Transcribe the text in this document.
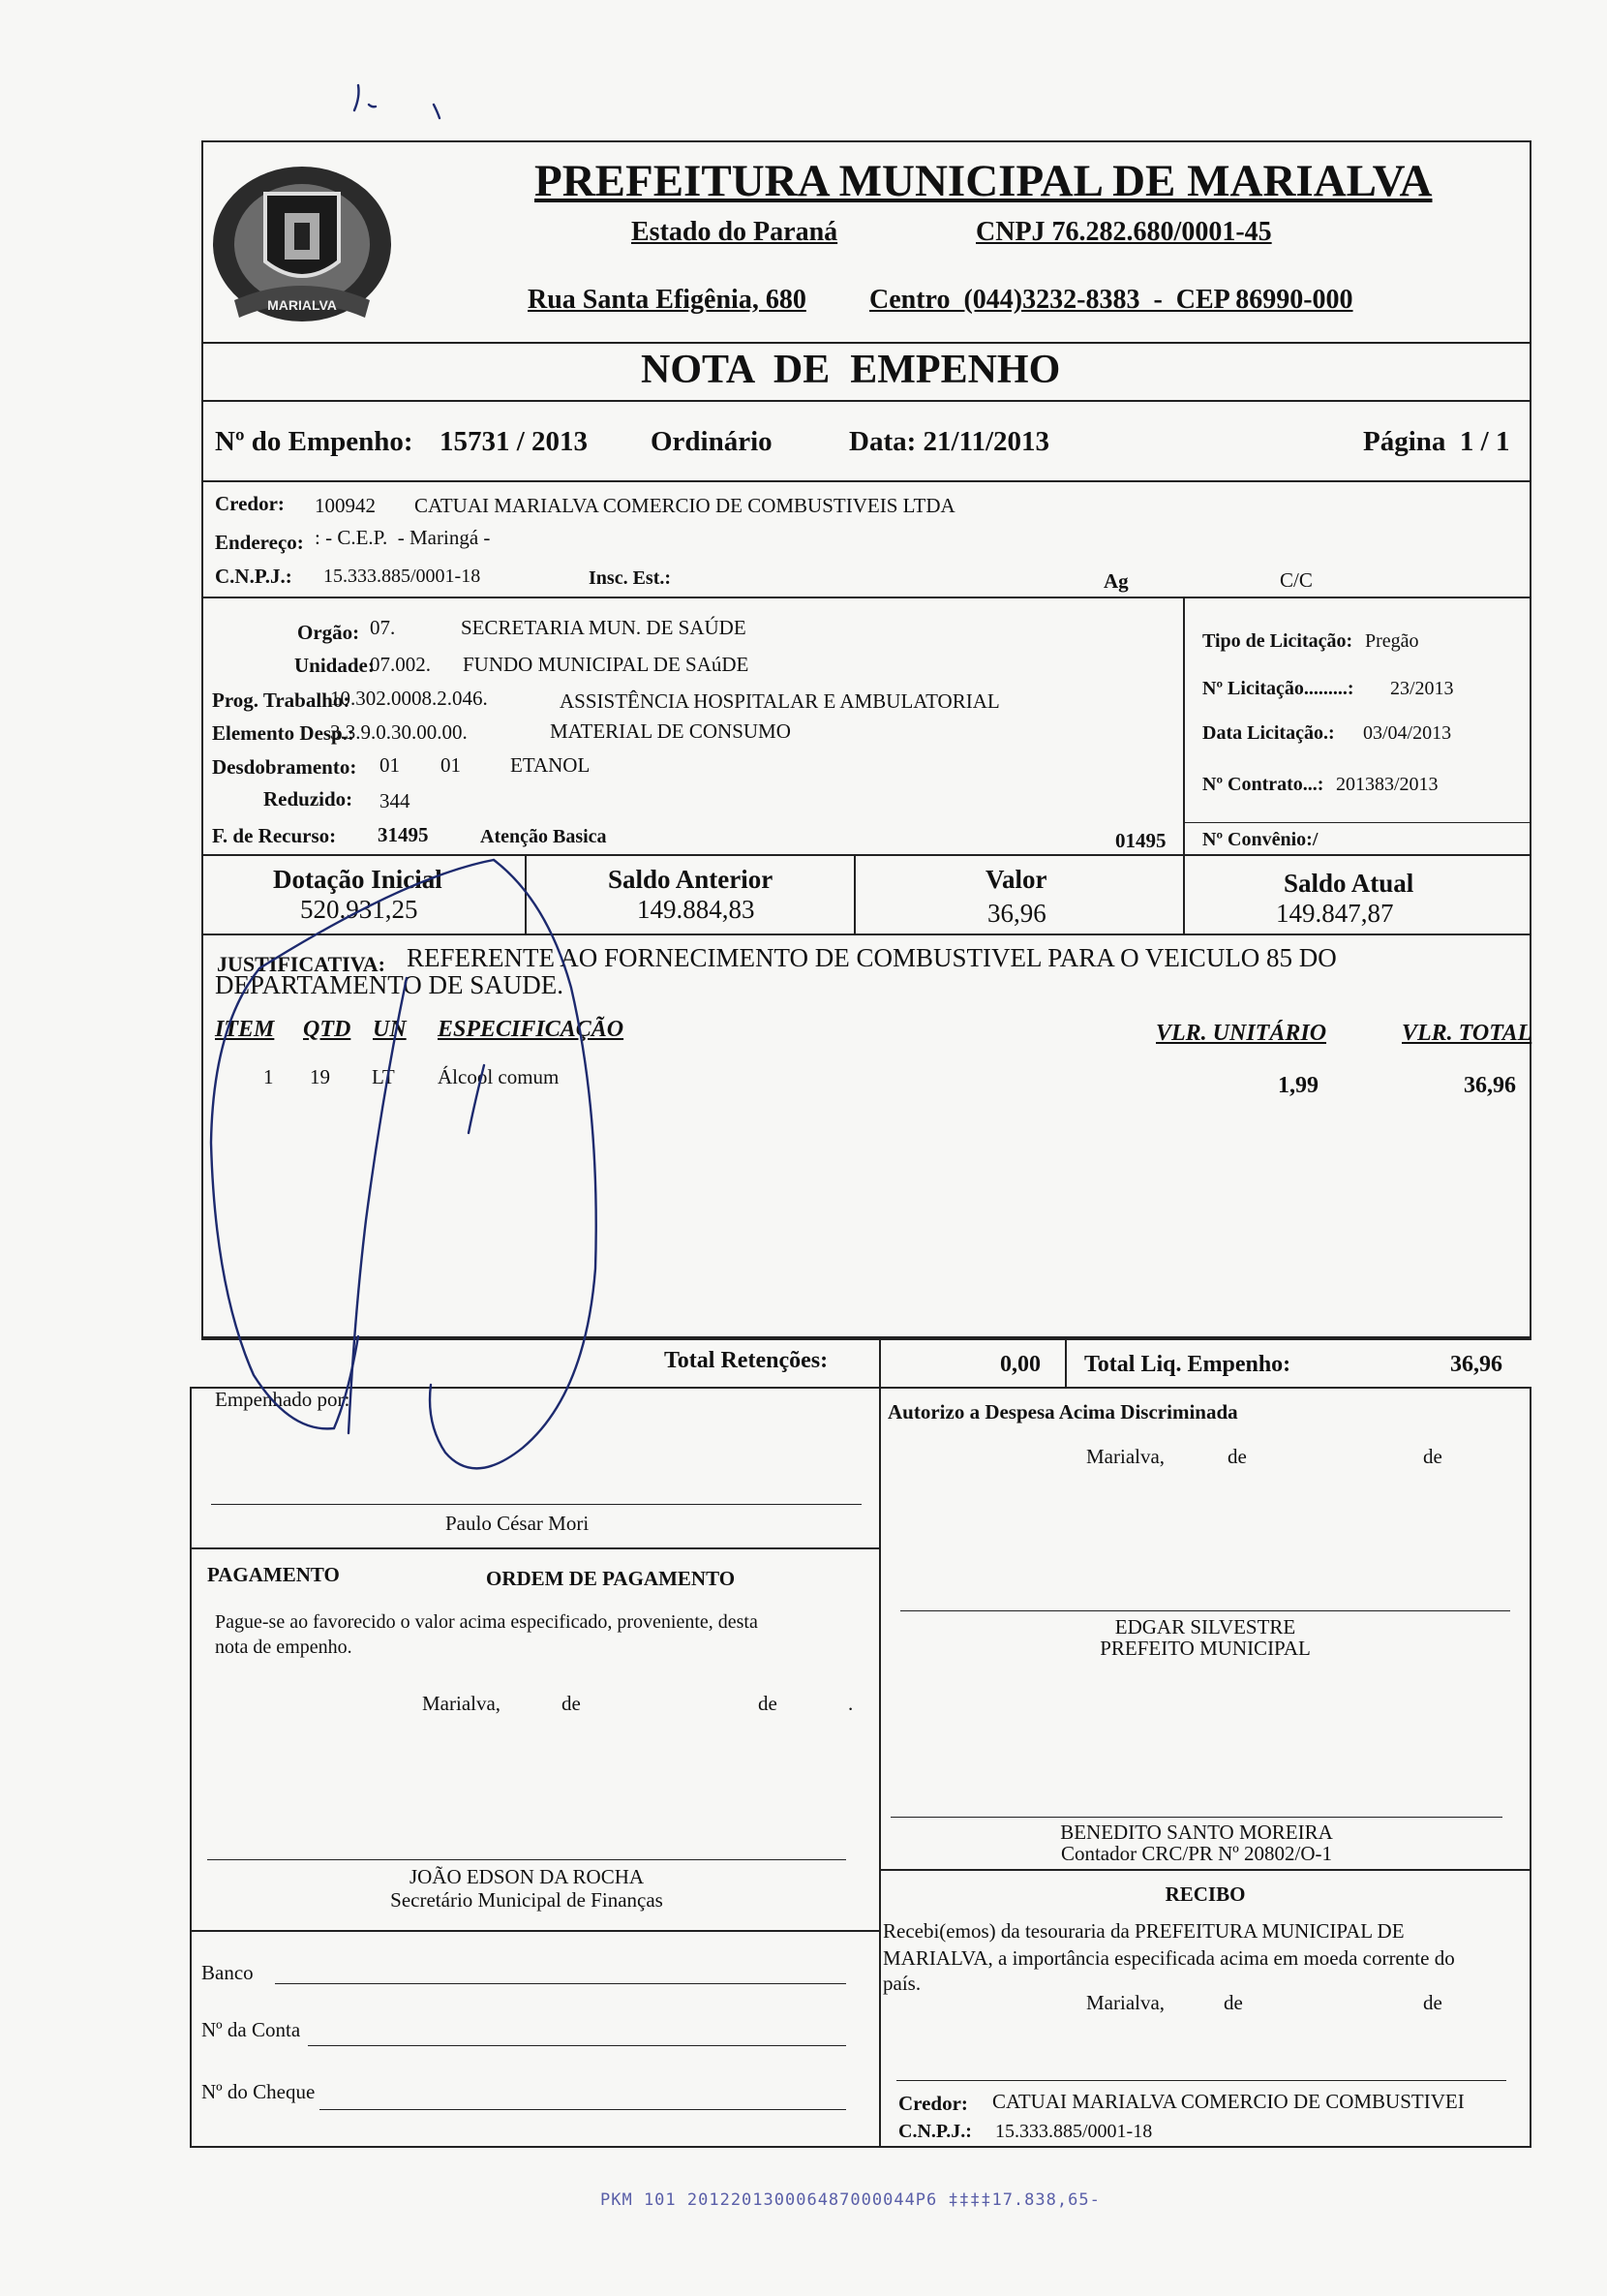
MARIALVA
PREFEITURA MUNICIPAL DE MARIALVA
Estado do Paraná	CNPJ 76.282.680/0001-45
Rua Santa Efigênia, 680 Centro  (044)3232-8383  -  CEP 86990-000
NOTA  DE  EMPENHO
Nº do Empenho: 15731 / 2013 Ordinário	Data: 21/11/2013	Página  1 / 1
Credor: 100942 CATUAI MARIALVA COMERCIO DE COMBUSTIVEIS LTDA
Endereço: : - C.E.P.  - Maringá -
C.N.P.J.: 15.333.885/0001-18	Insc. Est.:	Ag	C/C
Orgão: 07.	SECRETARIA MUN. DE SAÚDE
Unidade:
07.002. FUNDO MUNICIPAL DE SAúDE
Prog. Trabalho:
10.302.0008.2.046.	ASSISTÊNCIA HOSPITALAR E AMBULATORIAL
Elemento Desp.:
3.3.9.0.30.00.00.	MATERIAL DE CONSUMO
Desdobramento: 01 01 ETANOL
Reduzido: 344
F. de Recurso: 31495	Atenção Basica	01495
Tipo de Licitação: Pregão
Nº Licitação.........: 23/2013
Data Licitação.: 03/04/2013
Nº Contrato...: 201383/2013
Nº Convênio:/
Dotação Inicial
520.931,25
Saldo Anterior
149.884,83
Valor
36,96
Saldo Atual
149.847,87
JUSTIFICATIVA: REFERENTE AO FORNECIMENTO DE COMBUSTIVEL PARA O VEICULO 85 DO
DEPARTAMENTO DE SAUDE.
ITEM QTD UN ESPECIFICAÇÃO	VLR. UNITÁRIO	VLR. TOTAL
1 19 LT Álcool comum	1,99	36,96
Total Retenções:	0,00 Total Liq. Empenho:	36,96
Empenhado por:
Paulo César Mori
Autorizo a Despesa Acima Discriminada
Marialva,	de	de
EDGAR SILVESTRE
PREFEITO MUNICIPAL
PAGAMENTO	ORDEM DE PAGAMENTO
Pague-se ao favorecido o valor acima especificado, proveniente, desta
nota de empenho.
Marialva,	de	de	.
JOÃO EDSON DA ROCHA
Secretário Municipal de Finanças
BENEDITO SANTO MOREIRA
Contador CRC/PR Nº 20802/O-1
RECIBO
Recebi(emos) da tesouraria da PREFEITURA MUNICIPAL DE
MARIALVA, a importância especificada acima em moeda corrente do
país.
Marialva,	de	de
Banco
Nº da Conta
Nº do Cheque	Credor: CATUAI MARIALVA COMERCIO DE COMBUSTIVEI
C.N.P.J.: 15.333.885/0001-18
PKM 101 201220130006487000044P6 ‡‡‡‡17.838,65-
